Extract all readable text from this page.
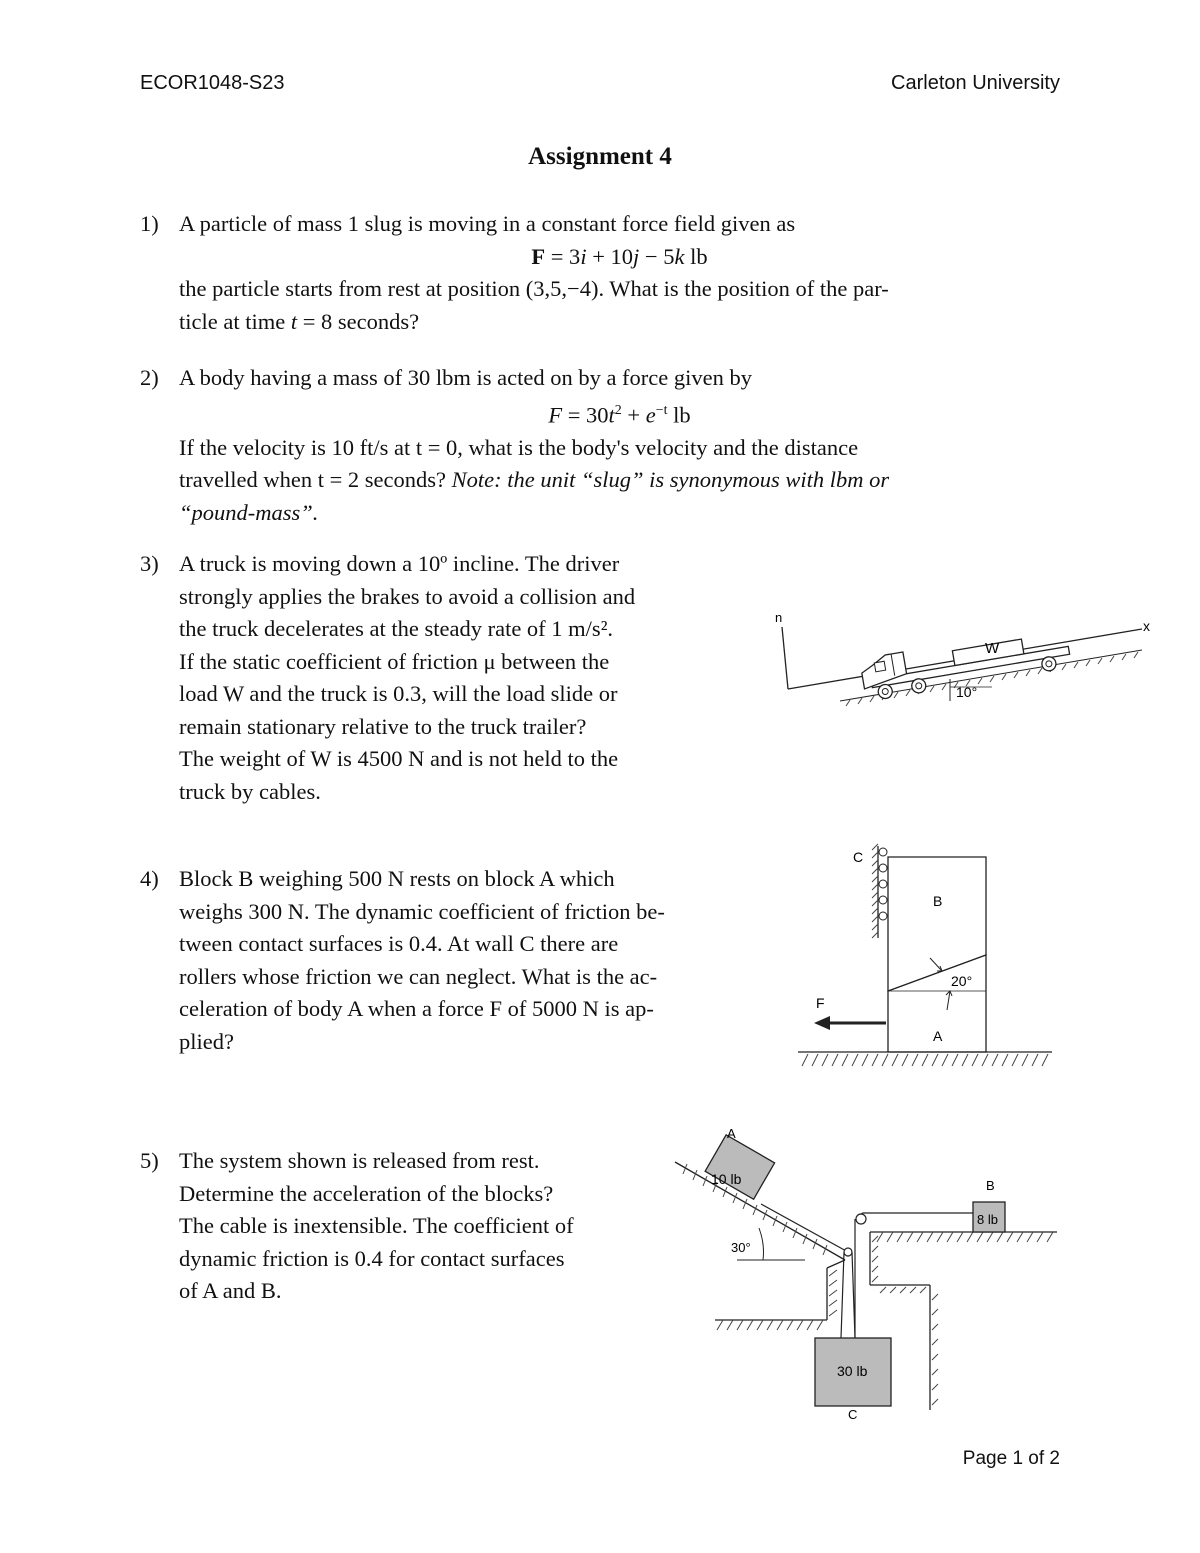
ECOR1048-S23	Carleton University
Assignment 4
1) A particle of mass 1 slug is moving in a constant force field given as
F = 3i + 10j − 5k lb
the particle starts from rest at position (3,5,−4). What is the position of the par-
ticle at time t = 8 seconds?
2) A body having a mass of 30 lbm is acted on by a force given by
$F = 30t^2 + e^{-t}$ lb
If the velocity is 10 ft/s at t = 0, what is the body's velocity and the distance
travelled when t = 2 seconds? Note: the unit “slug” is synonymous with lbm or
“pound-mass”.
3) A truck is moving down a 10º incline. The driver
strongly applies the brakes to avoid a collision and
the truck decelerates at the steady rate of 1 m/s².
If the static coefficient of friction μ between the
load W and the truck is 0.3, will the load slide or
remain stationary relative to the truck trailer?
The weight of W is 4500 N and is not held to the
truck by cables.
n
x
W
10°
4) Block B weighing 500 N rests on block A which
weighs 300 N. The dynamic coefficient of friction be-
tween contact surfaces is 0.4. At wall C there are
rollers whose friction we can neglect. What is the ac-
celeration of body A when a force F of 5000 N is ap-
plied?
C
B
A
20°
F
5) The system shown is released from rest.
Determine the acceleration of the blocks?
The cable is inextensible. The coefficient of
dynamic friction is 0.4 for contact surfaces
of A and B.
30°
10 lb
A
8 lb
B
30 lb
C
Page 1 of 2
